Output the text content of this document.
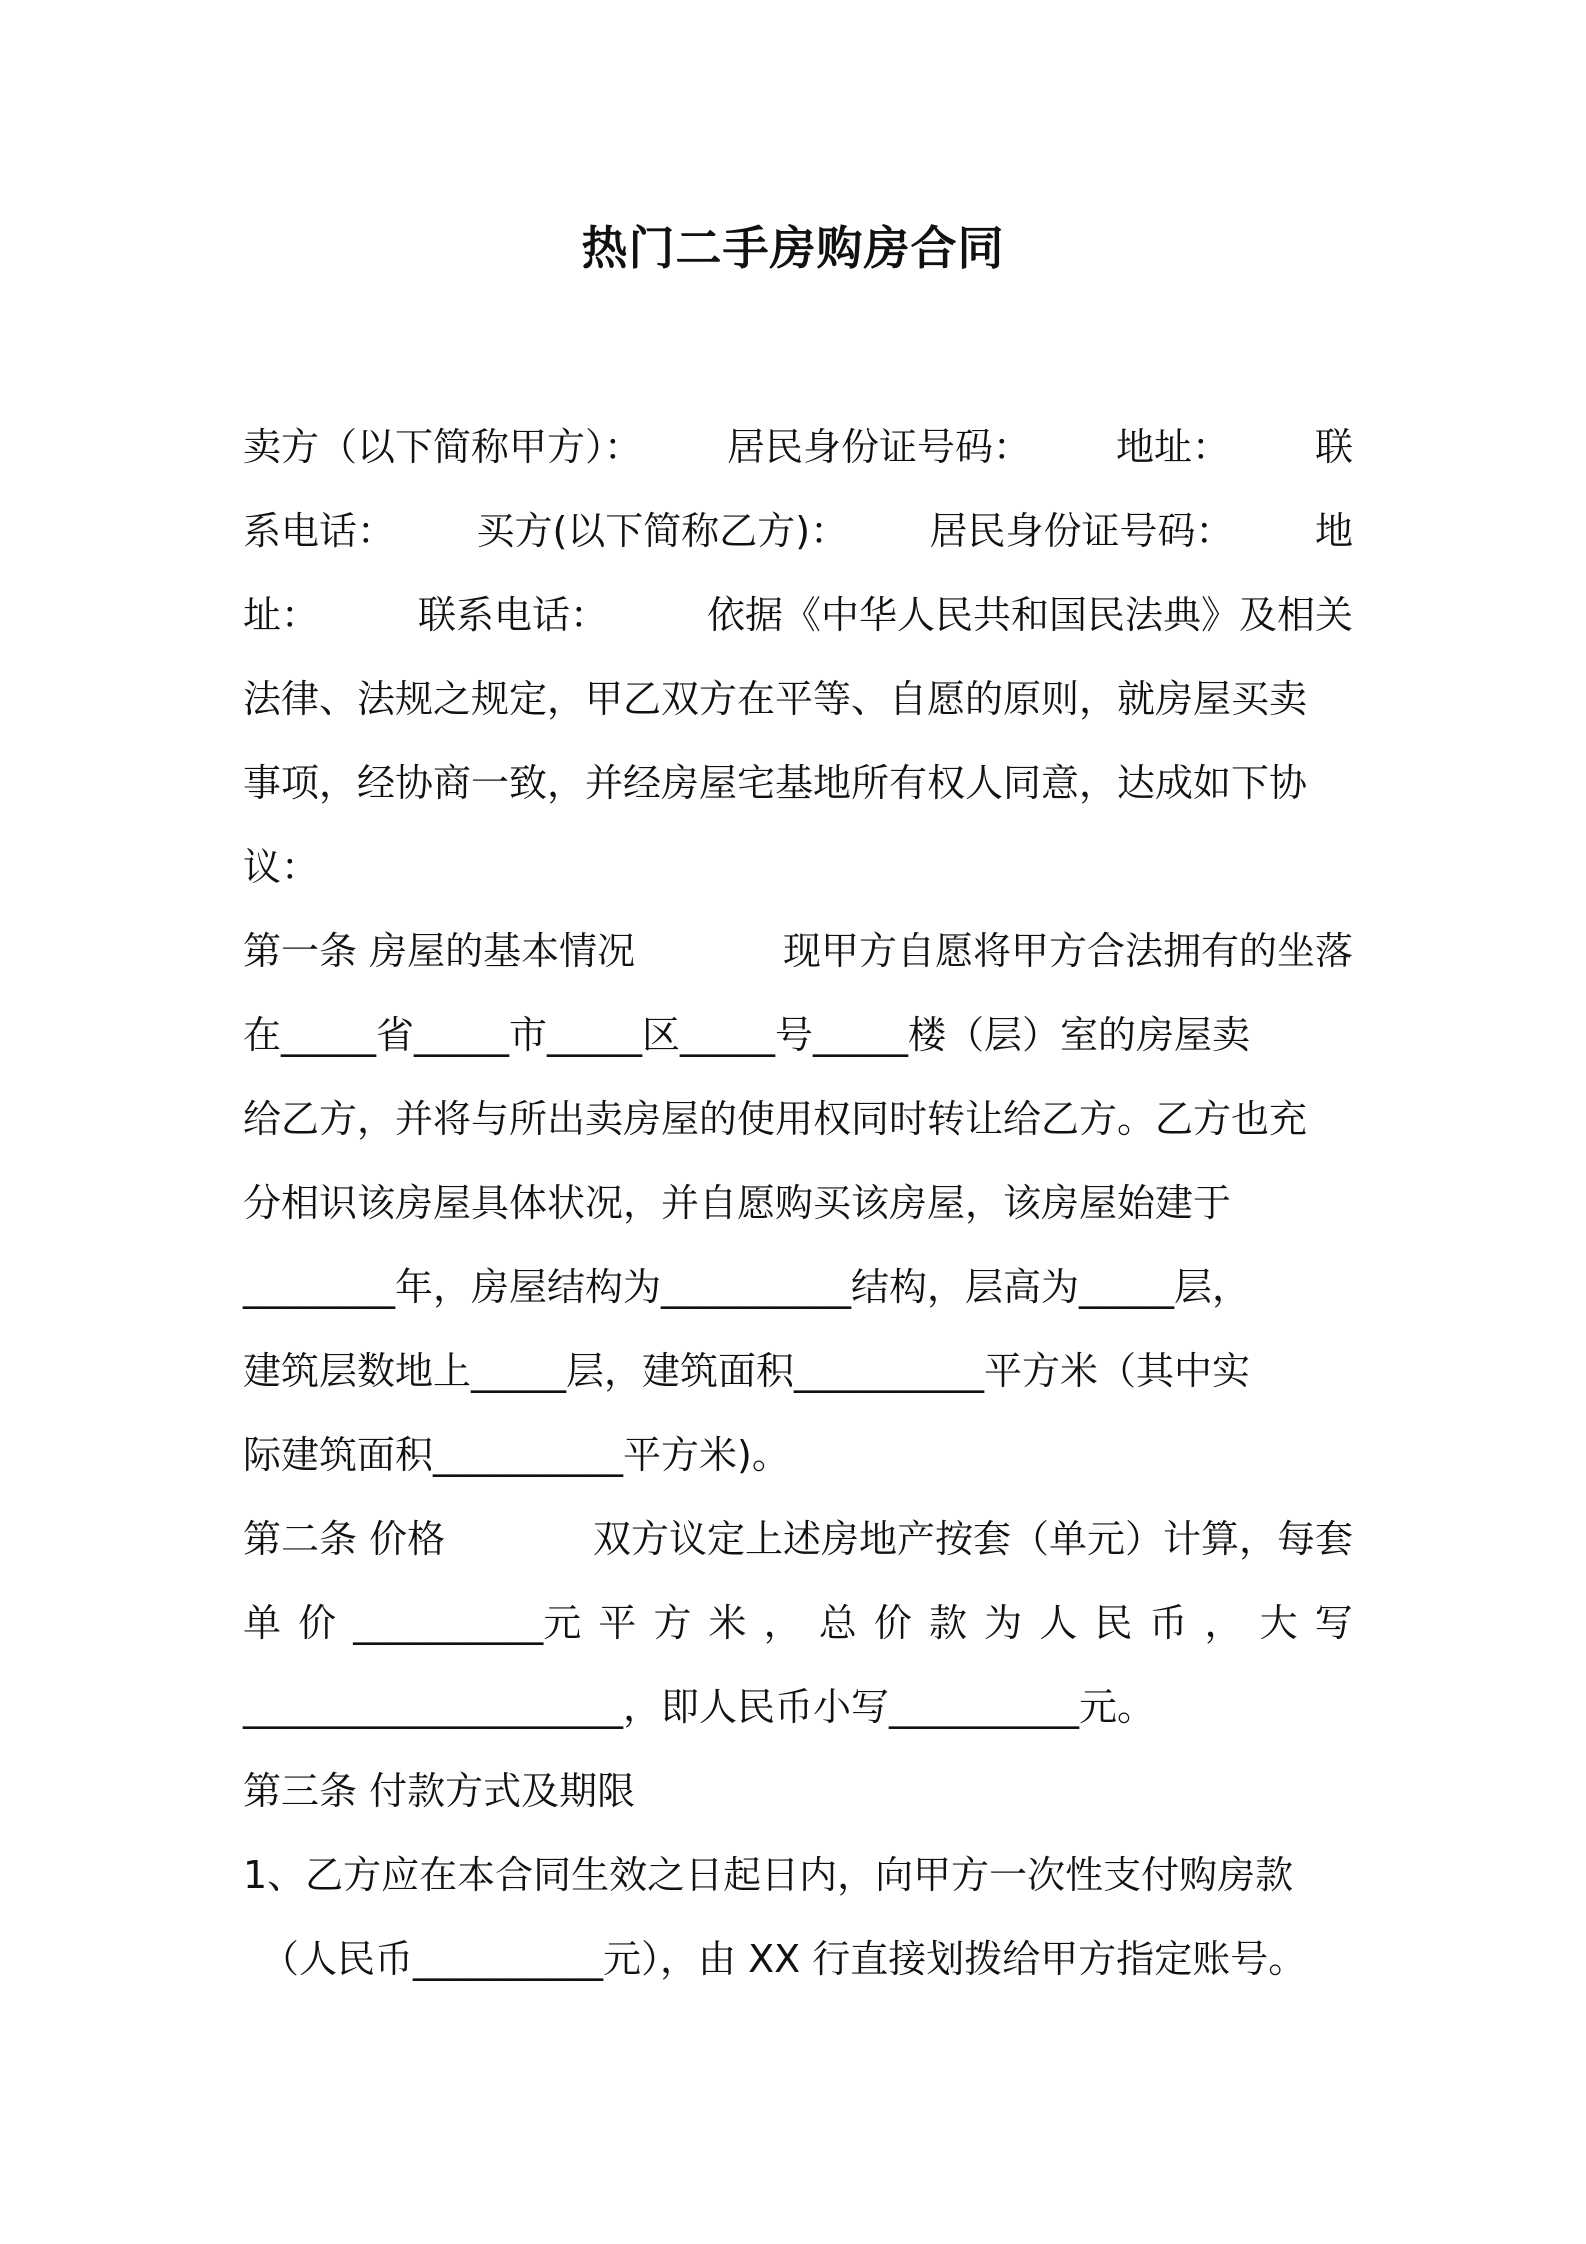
热门二手房购房合同
卖方（以下简称甲方）： 居民身份证号码： 地址： 联
系电话： 买方(以下简称乙方)： 居民身份证号码： 地
址：	联系电话：	依据《中华人民共和国民法典》及相关
法律、法规之规定，甲乙双方在平等、自愿的原则，就房屋买卖
事项，经协商一致，并经房屋宅基地所有权人同意，达成如下协
议：
第一条 房屋的基本情况	现甲方自愿将甲方合法拥有的坐落
在_____省_____市_____区_____号_____楼（层）室的房屋卖
给乙方，并将与所出卖房屋的使用权同时转让给乙方。乙方也充
分相识该房屋具体状况，并自愿购买该房屋，该房屋始建于
________年，房屋结构为__________结构，层高为_____层，
建筑层数地上_____层，建筑面积__________平方米（其中实
际建筑面积__________平方米)。
第二条 价格	双方议定上述房地产按套（单元）计算，每套
单 价 __________元 平 方 米 ， 总 价 款 为 人 民 币 ， 大 写
____________________，即人民币小写__________元。
第三条 付款方式及期限
1、乙方应在本合同生效之日起日内，向甲方一次性支付购房款
（人民币__________元），由 XX 行直接划拨给甲方指定账号。
